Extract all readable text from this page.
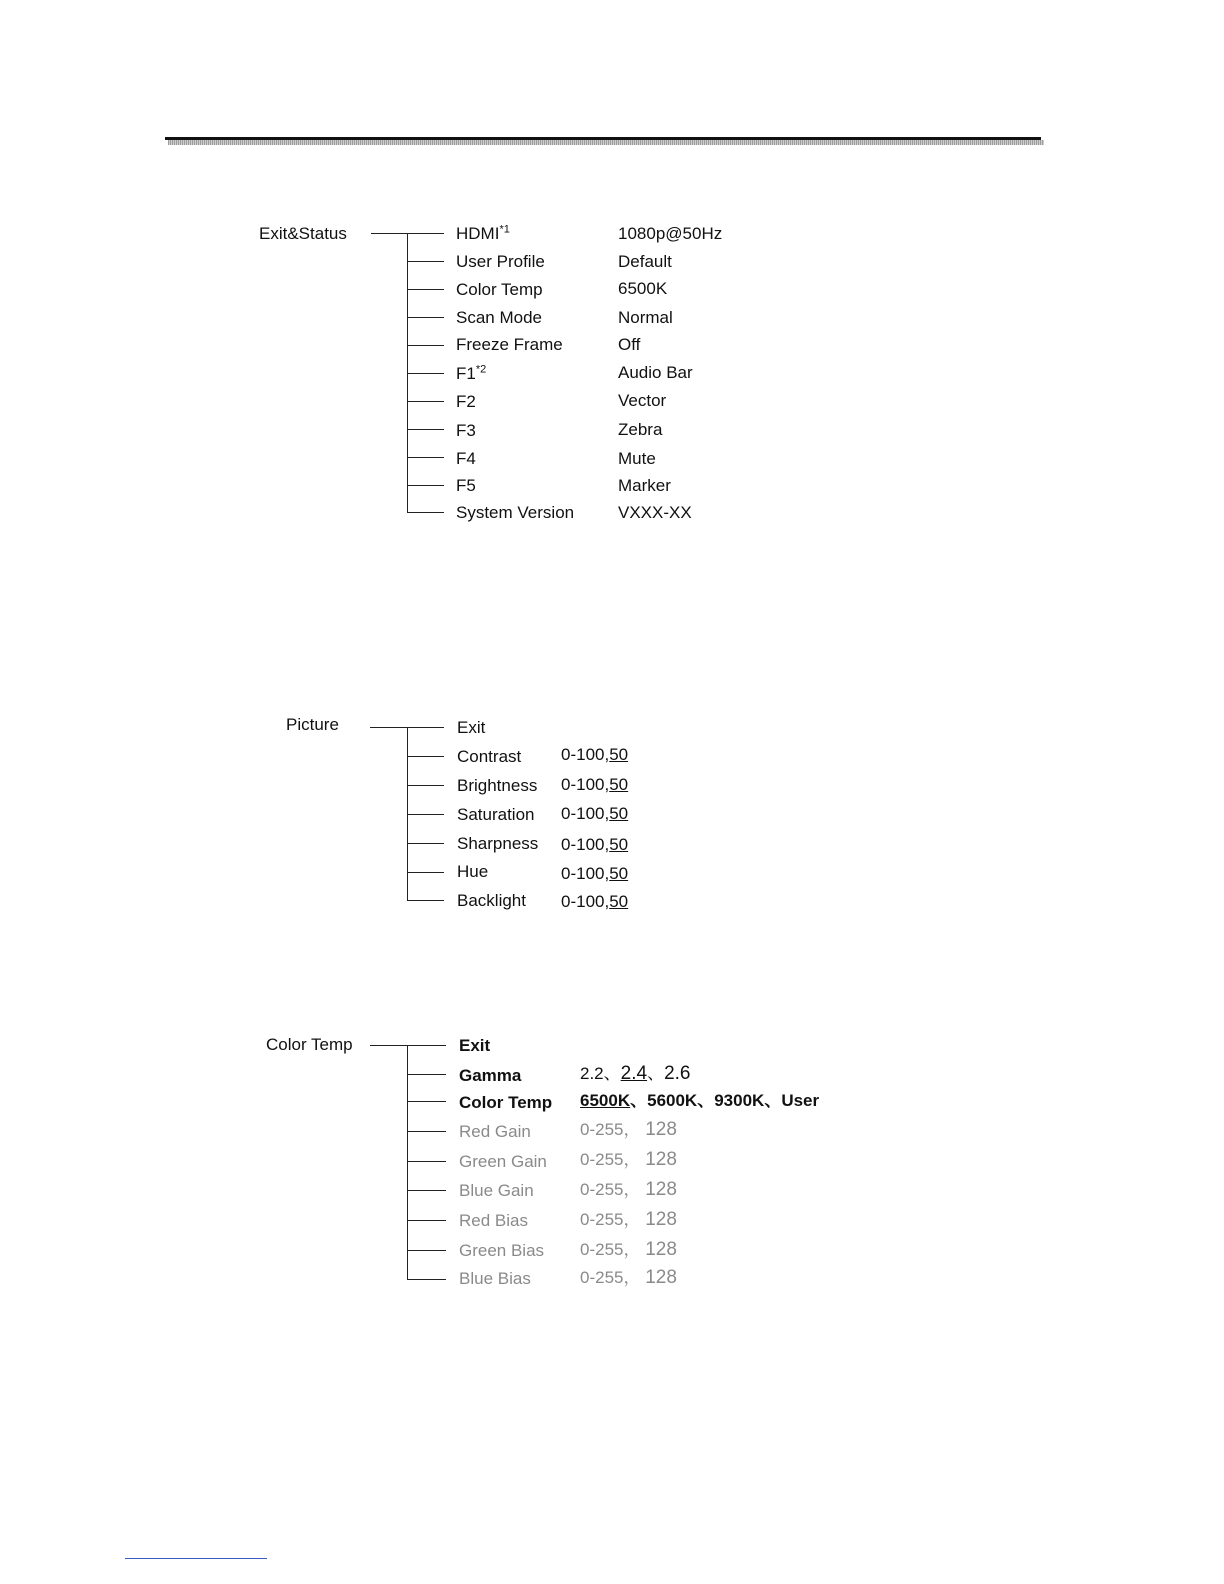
Exit&Status	HDMI$^{*1}$	1080p@50Hz
User Profile	Default
Color Temp	6500K
Scan Mode	Normal
Freeze Frame	Off
F1$^{*2}$	Audio Bar
F2	Vector
F3	Zebra
F4	Mute
F5	Marker
System Version	VXXX-XX
Picture	Exit
Contrast 0-100,50
Brightness 0-100,50
Saturation 0-100,50
Sharpness 0-100,50
Hue	0-100,50
Backlight 0-100,50
Color Temp	Exit
Gamma	2.2、2.4、2.6
Color Temp 6500K、5600K、9300K、User
Red Gain	0-255， 128
Green Gain 0-255， 128
Blue Gain	0-255， 128
Red Bias	0-255， 128
Green Bias 0-255， 128
Blue Bias	0-255， 128
